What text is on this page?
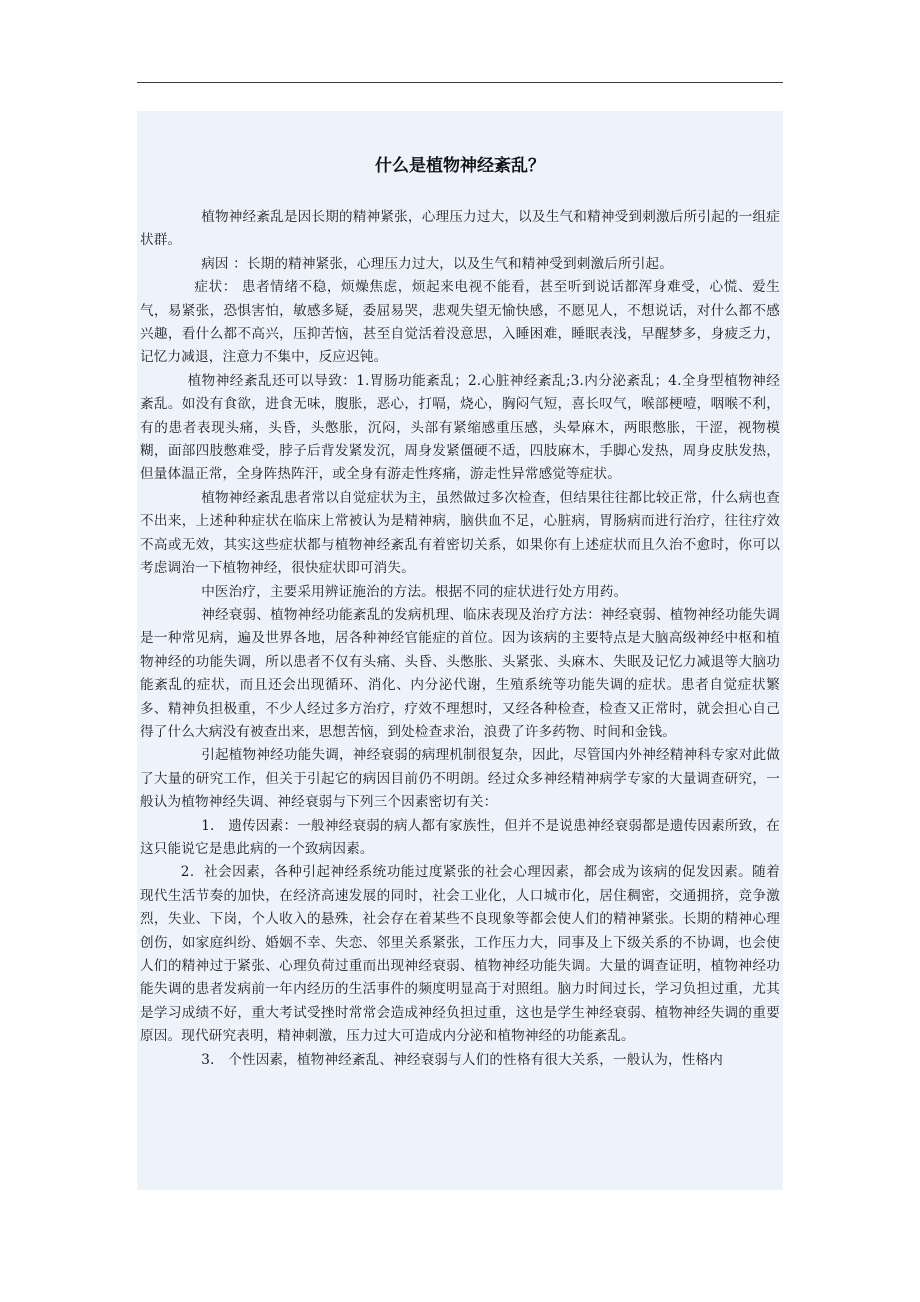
什么是植物神经紊乱？

植物神经紊乱是因长期的精神紧张，心理压力过大，以及生气和精神受到刺激后所引起的一组症状群。

病因 ：长期的精神紧张，心理压力过大，以及生气和精神受到刺激后所引起。

症状： 患者情绪不稳，烦燥焦虑，烦起来电视不能看，甚至听到说话都浑身难受，心慌、爱生气，易紧张，恐惧害怕，敏感多疑，委屈易哭，悲观失望无愉快感，不愿见人，不想说话，对什么都不感兴趣，看什么都不高兴，压抑苦恼，甚至自觉活着没意思，入睡困难，睡眠表浅，早醒梦多，身疲乏力，记忆力减退，注意力不集中，反应迟钝。

植物神经紊乱还可以导致：1.胃肠功能紊乱；2.心脏神经紊乱;3.内分泌紊乱；4.全身型植物神经紊乱。如没有食欲，进食无味，腹胀，恶心，打嗝，烧心，胸闷气短，喜长叹气，喉部梗噎，咽喉不利，有的患者表现头痛，头昏，头憋胀，沉闷，头部有紧缩感重压感，头晕麻木，两眼憋胀，干涩，视物模糊，面部四肢憋难受，脖子后背发紧发沉，周身发紧僵硬不适，四肢麻木，手脚心发热，周身皮肤发热，但量体温正常，全身阵热阵汗，或全身有游走性疼痛，游走性异常感觉等症状。

植物神经紊乱患者常以自觉症状为主，虽然做过多次检查，但结果往往都比较正常，什么病也查不出来，上述种种症状在临床上常被认为是精神病，脑供血不足，心脏病，胃肠病而进行治疗，往往疗效不高或无效，其实这些症状都与植物神经紊乱有着密切关系，如果你有上述症状而且久治不愈时，你可以考虑调治一下植物神经，很快症状即可消失。

中医治疗，主要采用辨证施治的方法。根据不同的症状进行处方用药。

神经衰弱、植物神经功能紊乱的发病机理、临床表现及治疗方法：神经衰弱、植物神经功能失调是一种常见病，遍及世界各地，居各种神经官能症的首位。因为该病的主要特点是大脑高级神经中枢和植物神经的功能失调，所以患者不仅有头痛、头昏、头憋胀、头紧张、头麻木、失眠及记忆力减退等大脑功能紊乱的症状，而且还会出现循环、消化、内分泌代谢，生殖系统等功能失调的症状。患者自觉症状繁多、精神负担极重，不少人经过多方治疗，疗效不理想时，又经各种检查，检查又正常时，就会担心自己得了什么大病没有被查出来，思想苦恼，到处检查求治，浪费了许多药物、时间和金钱。

引起植物神经功能失调，神经衰弱的病理机制很复杂，因此，尽管国内外神经精神科专家对此做了大量的研究工作，但关于引起它的病因目前仍不明朗。经过众多神经精神病学专家的大量调查研究，一般认为植物神经失调、神经衰弱与下列三个因素密切有关：

1.　遗传因素：一般神经衰弱的病人都有家族性，但并不是说患神经衰弱都是遗传因素所致，在这只能说它是患此病的一个致病因素。

2．社会因素，各种引起神经系统功能过度紧张的社会心理因素，都会成为该病的促发因素。随着现代生活节奏的加快，在经济高速发展的同时，社会工业化，人口城市化，居住稠密，交通拥挤，竞争激烈，失业、下岗，个人收入的悬殊，社会存在着某些不良现象等都会使人们的精神紧张。长期的精神心理创伤，如家庭纠纷、婚姻不幸、失恋、邻里关系紧张，工作压力大，同事及上下级关系的不协调，也会使人们的精神过于紧张、心理负荷过重而出现神经衰弱、植物神经功能失调。大量的调查证明，植物神经功能失调的患者发病前一年内经历的生活事件的频度明显高于对照组。脑力时间过长，学习负担过重，尤其是学习成绩不好，重大考试受挫时常常会造成神经负担过重，这也是学生神经衰弱、植物神经失调的重要原因。现代研究表明，精神刺激，压力过大可造成内分泌和植物神经的功能紊乱。

3.　个性因素，植物神经紊乱、神经衰弱与人们的性格有很大关系，一般认为，性格内
